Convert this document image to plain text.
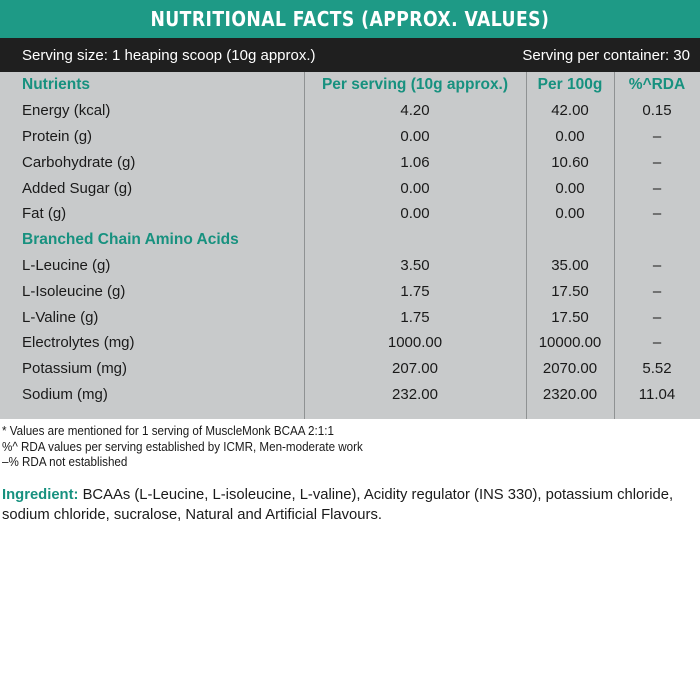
NUTRITIONAL FACTS (APPROX. VALUES)
Serving size: 1 heaping scoop (10g approx.)	Serving per container: 30
Nutrients	Per serving (10g approx.)	Per 100g	%^RDA
Energy (kcal)	4.20	42.00	0.15
Protein (g)	0.00	0.00	–
Carbohydrate (g)	1.06	10.60	–
Added Sugar (g)	0.00	0.00	–
Fat (g)	0.00	0.00	–
Branched Chain Amino Acids			
L-Leucine (g)	3.50	35.00	–
L-Isoleucine (g)	1.75	17.50	–
L-Valine (g)	1.75	17.50	–
Electrolytes (mg)	1000.00	10000.00	–
Potassium (mg)	207.00	2070.00	5.52
Sodium (mg)	232.00	2320.00	11.04
* Values are mentioned for 1 serving of MuscleMonk BCAA 2:1:1
%^ RDA values per serving established by ICMR, Men-moderate work
–% RDA not established
Ingredient: BCAAs (L-Leucine, L-isoleucine, L-valine), Acidity regulator (INS 330), potassium chloride, sodium chloride, sucralose, Natural and Artificial Flavours.
